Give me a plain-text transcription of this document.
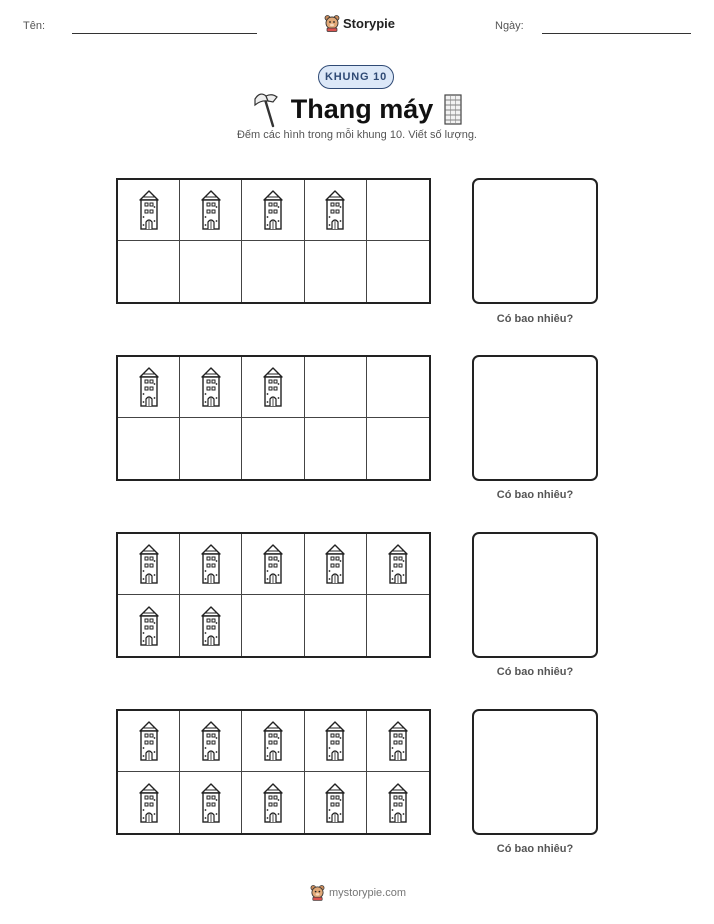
Tên:	Storypie	Ngày:
KHUNG 10
Thang máy
Đếm các hình trong mỗi khung 10. Viết số lượng.
Có bao nhiêu?
Có bao nhiêu?
Có bao nhiêu?
Có bao nhiêu?
mystorypie.com
